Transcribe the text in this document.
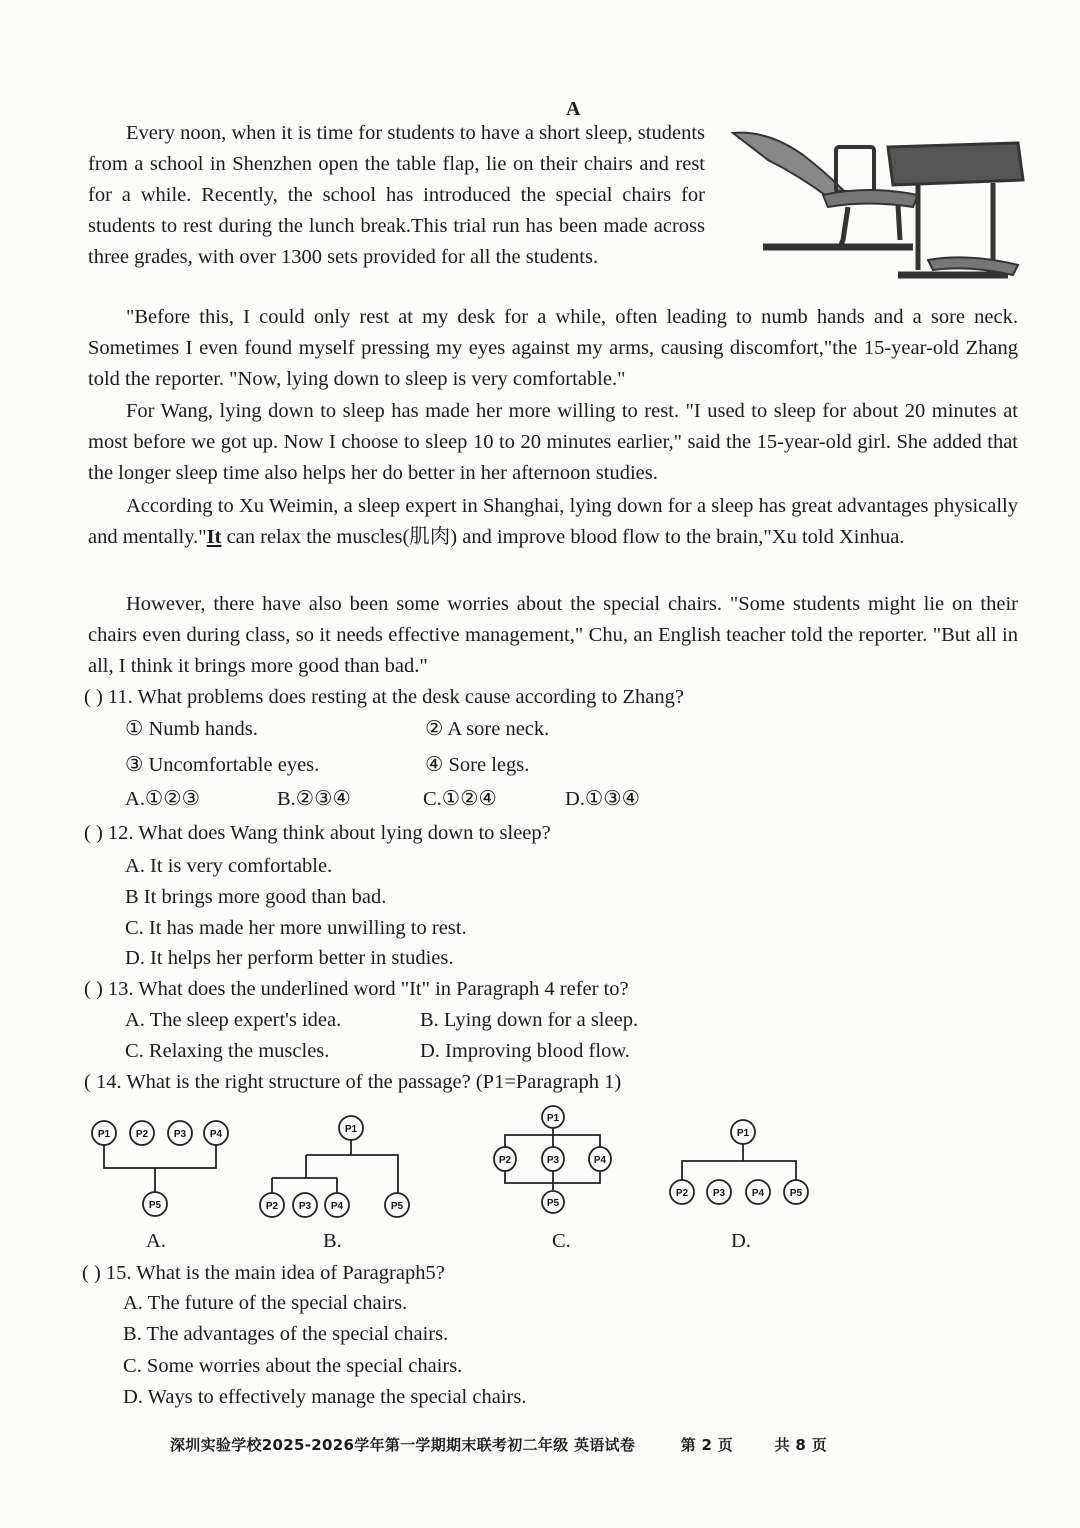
A
Every noon, when it is time for students to have a short sleep, students from a school in Shenzhen open the table flap, lie on their chairs and rest for a while. Recently, the school has introduced the special chairs for students to rest during the lunch break.This trial run has been made across three grades, with over 1300 sets provided for all the students.
"Before this, I could only rest at my desk for a while, often leading to numb hands and a sore neck. Sometimes I even found myself pressing my eyes against my arms, causing discomfort,"the 15-year-old Zhang told the reporter. "Now, lying down to sleep is very comfortable."
For Wang, lying down to sleep has made her more willing to rest. "I used to sleep for about 20 minutes at most before we got up. Now I choose to sleep 10 to 20 minutes earlier," said the 15-year-old girl. She added that the longer sleep time also helps her do better in her afternoon studies.
According to Xu Weimin, a sleep expert in Shanghai, lying down for a sleep has great advantages physically and mentally."It can relax the muscles(肌肉) and improve blood flow to the brain,"Xu told Xinhua.
However, there have also been some worries about the special chairs. "Some students might lie on their chairs even during class, so it needs effective management," Chu, an English teacher told the reporter. "But all in all, I think it brings more good than bad."
( ) 11. What problems does resting at the desk cause according to Zhang?
① Numb hands.	② A sore neck.
③ Uncomfortable eyes.	④ Sore legs.
A.①②③	B.②③④	C.①②④	D.①③④
( ) 12. What does Wang think about lying down to sleep?
A. It is very comfortable.
B It brings more good than bad.
C. It has made her more unwilling to rest.
D. It helps her perform better in studies.
( ) 13. What does the underlined word "It" in Paragraph 4 refer to?
A. The sleep expert's idea.	B. Lying down for a sleep.
C. Relaxing the muscles.	D. Improving blood flow.
( 14. What is the right structure of the passage? (P1=Paragraph 1)
P1	P2	P3 P4
P5
P1
P2 P3 P4	P5
P1
P2	P3	P4
P5
P1
P2 P3	P4	P5
A.	B.	C.	D.
( ) 15. What is the main idea of Paragraph5?
A. The future of the special chairs.
B. The advantages of the special chairs.
C. Some worries about the special chairs.
D. Ways to effectively manage the special chairs.
深圳实验学校2025-2026学年第一学期期末联考初二年级 英语试卷	第 2 页	共 8 页
